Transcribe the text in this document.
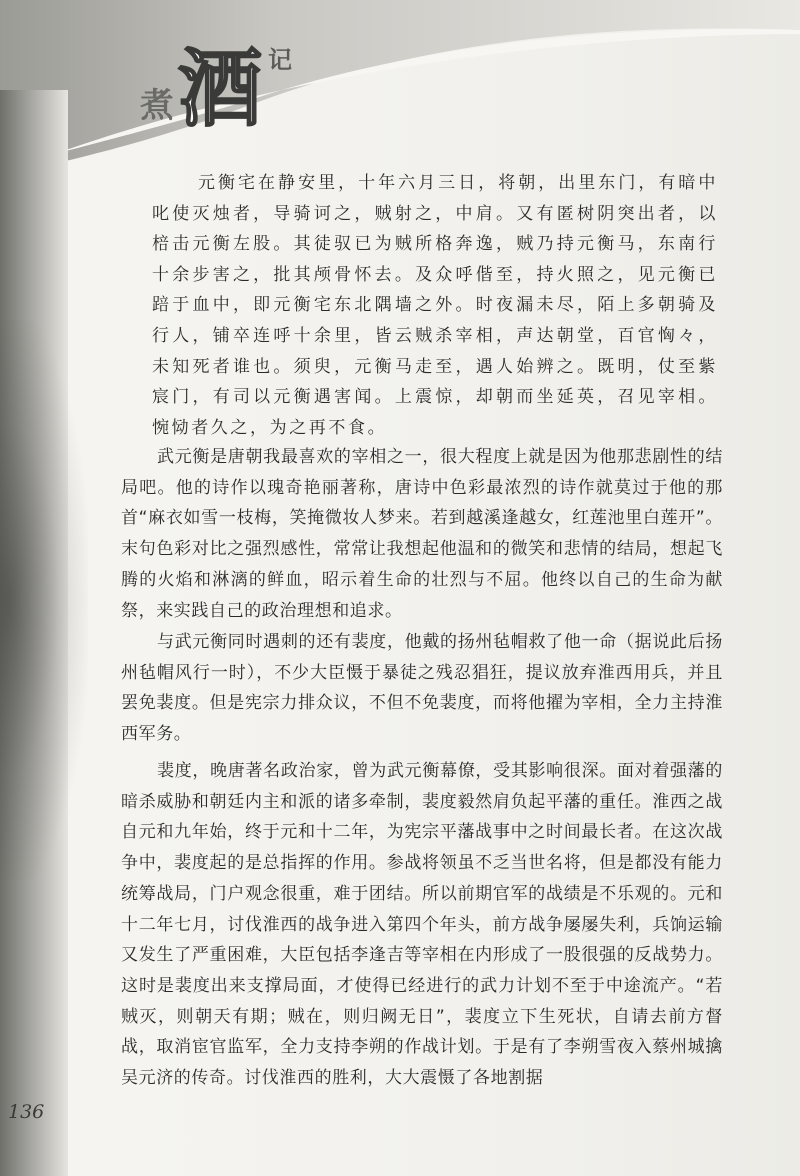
煮 酒 记

元衡宅在静安里，十年六月三日，将朝，出里东门，有暗中叱使灭烛者，导骑诃之，贼射之，中肩。又有匿树阴突出者，以棓击元衡左股。其徒驭已为贼所格奔逸，贼乃持元衡马，东南行十余步害之，批其颅骨怀去。及众呼偕至，持火照之，见元衡已踣于血中，即元衡宅东北隅墙之外。时夜漏未尽，陌上多朝骑及行人，铺卒连呼十余里，皆云贼杀宰相，声达朝堂，百官恟々，未知死者谁也。须臾，元衡马走至，遇人始辨之。既明，仗至紫宸门，有司以元衡遇害闻。上震惊，却朝而坐延英，召见宰相。惋恸者久之，为之再不食。

武元衡是唐朝我最喜欢的宰相之一，很大程度上就是因为他那悲剧性的结局吧。他的诗作以瑰奇艳丽著称，唐诗中色彩最浓烈的诗作就莫过于他的那首“麻衣如雪一枝梅，笑掩微妆人梦来。若到越溪逢越女，红莲池里白莲开”。末句色彩对比之强烈感性，常常让我想起他温和的微笑和悲情的结局，想起飞腾的火焰和淋漓的鲜血，昭示着生命的壮烈与不屈。他终以自己的生命为献祭，来实践自己的政治理想和追求。

与武元衡同时遇刺的还有裴度，他戴的扬州毡帽救了他一命（据说此后扬州毡帽风行一时），不少大臣慑于暴徒之残忍猖狂，提议放弃淮西用兵，并且罢免裴度。但是宪宗力排众议，不但不免裴度，而将他擢为宰相，全力主持淮西军务。

裴度，晚唐著名政治家，曾为武元衡幕僚，受其影响很深。面对着强藩的暗杀威胁和朝廷内主和派的诸多牵制，裴度毅然肩负起平藩的重任。淮西之战自元和九年始，终于元和十二年，为宪宗平藩战事中之时间最长者。在这次战争中，裴度起的是总指挥的作用。参战将领虽不乏当世名将，但是都没有能力统筹战局，门户观念很重，难于团结。所以前期官军的战绩是不乐观的。元和十二年七月，讨伐淮西的战争进入第四个年头，前方战争屡屡失利，兵饷运输又发生了严重困难，大臣包括李逢吉等宰相在内形成了一股很强的反战势力。这时是裴度出来支撑局面，才使得已经进行的武力计划不至于中途流产。“若贼灭，则朝天有期；贼在，则归阙无日”，裴度立下生死状，自请去前方督战，取消宦官监军，全力支持李朔的作战计划。于是有了李朔雪夜入蔡州城擒吴元济的传奇。讨伐淮西的胜利，大大震慑了各地割据

136
